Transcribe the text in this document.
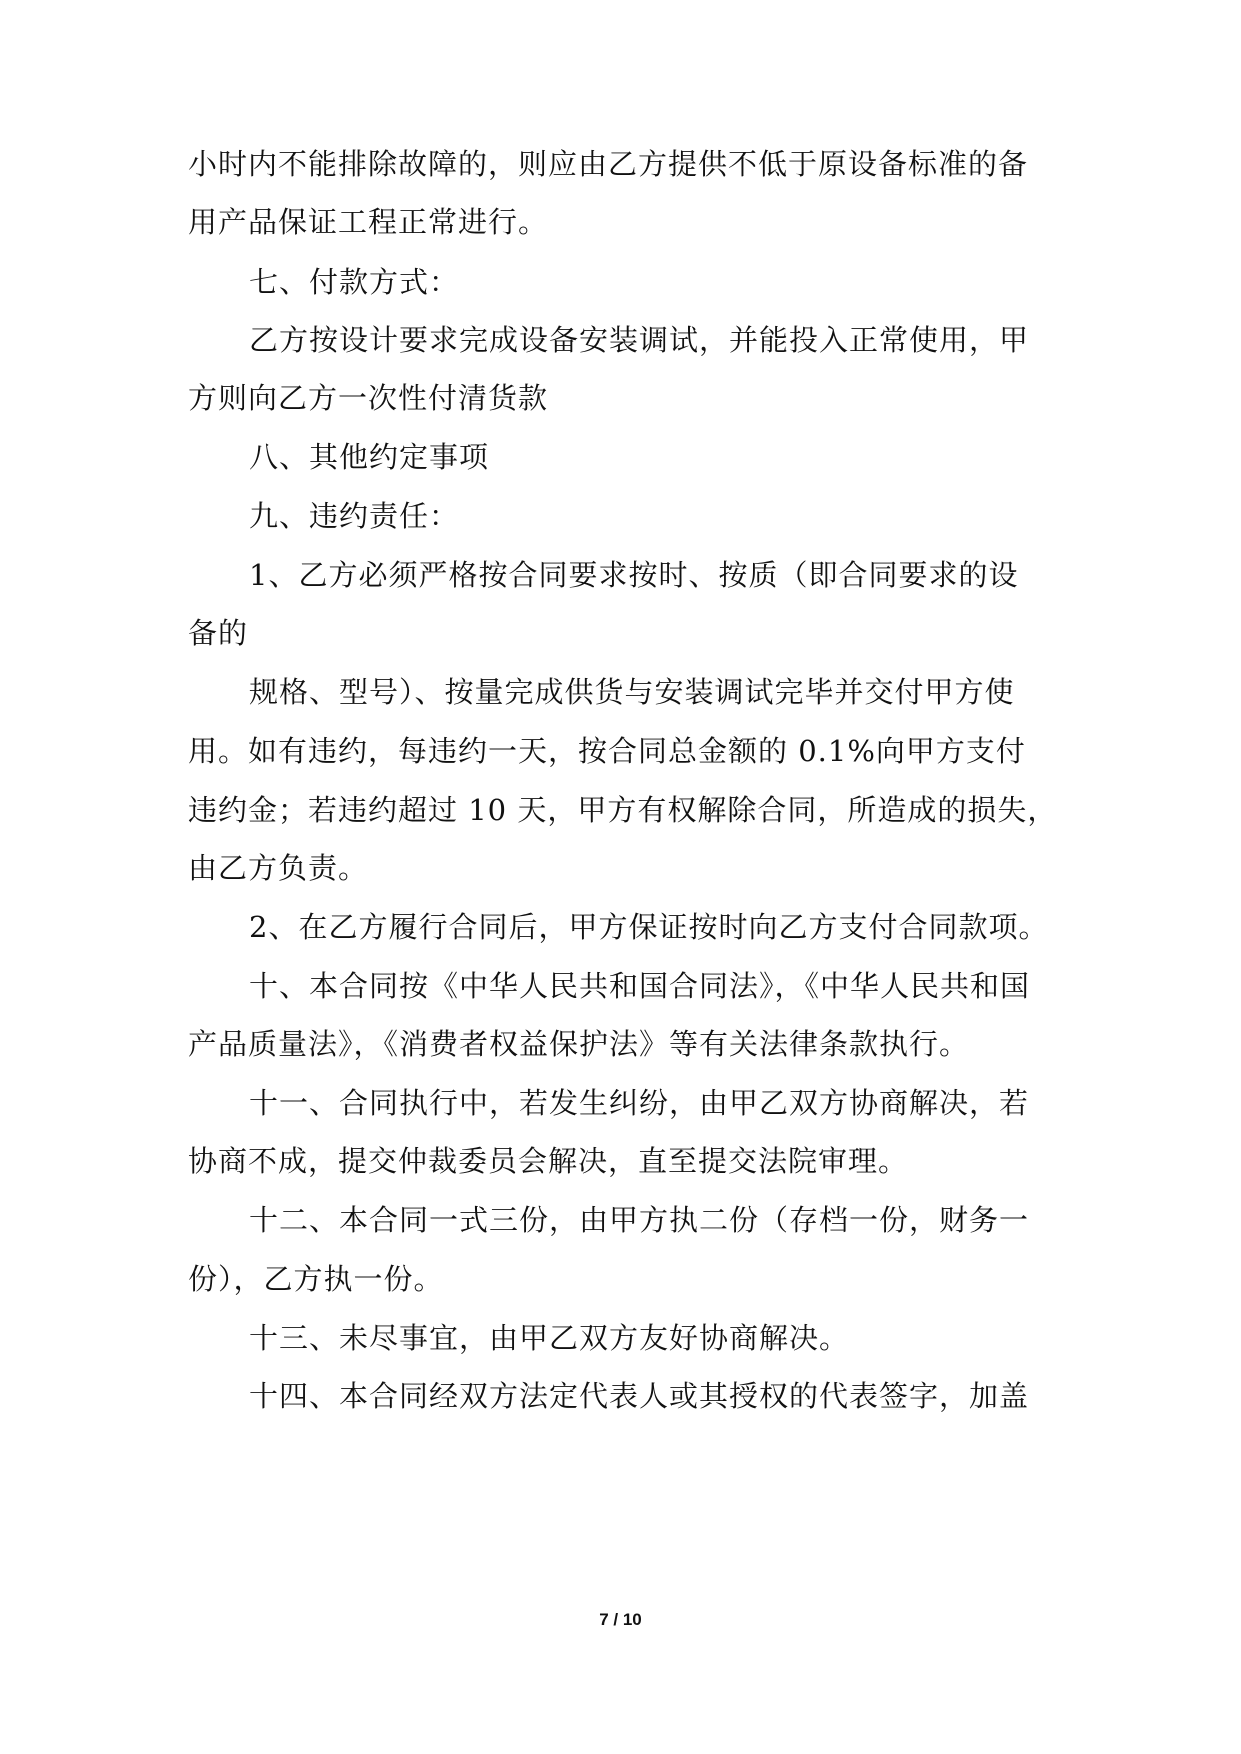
小时内不能排除故障的，则应由乙方提供不低于原设备标准的备
用产品保证工程正常进行。
七、付款方式：
乙方按设计要求完成设备安装调试，并能投入正常使用，甲
方则向乙方一次性付清货款
八、其他约定事项
九、违约责任：
1、乙方必须严格按合同要求按时、按质（即合同要求的设
备的
规格、型号）、按量完成供货与安装调试完毕并交付甲方使
用。如有违约，每违约一天，按合同总金额的 0.1%向甲方支付
违约金；若违约超过 10 天，甲方有权解除合同，所造成的损失，
由乙方负责。
2、在乙方履行合同后，甲方保证按时向乙方支付合同款项。
十、本合同按《中华人民共和国合同法》，《中华人民共和国
产品质量法》，《消费者权益保护法》等有关法律条款执行。
十一、合同执行中，若发生纠纷，由甲乙双方协商解决，若
协商不成，提交仲裁委员会解决，直至提交法院审理。
十二、本合同一式三份，由甲方执二份（存档一份，财务一
份），乙方执一份。
十三、未尽事宜，由甲乙双方友好协商解决。
十四、本合同经双方法定代表人或其授权的代表签字，加盖
7 / 10
